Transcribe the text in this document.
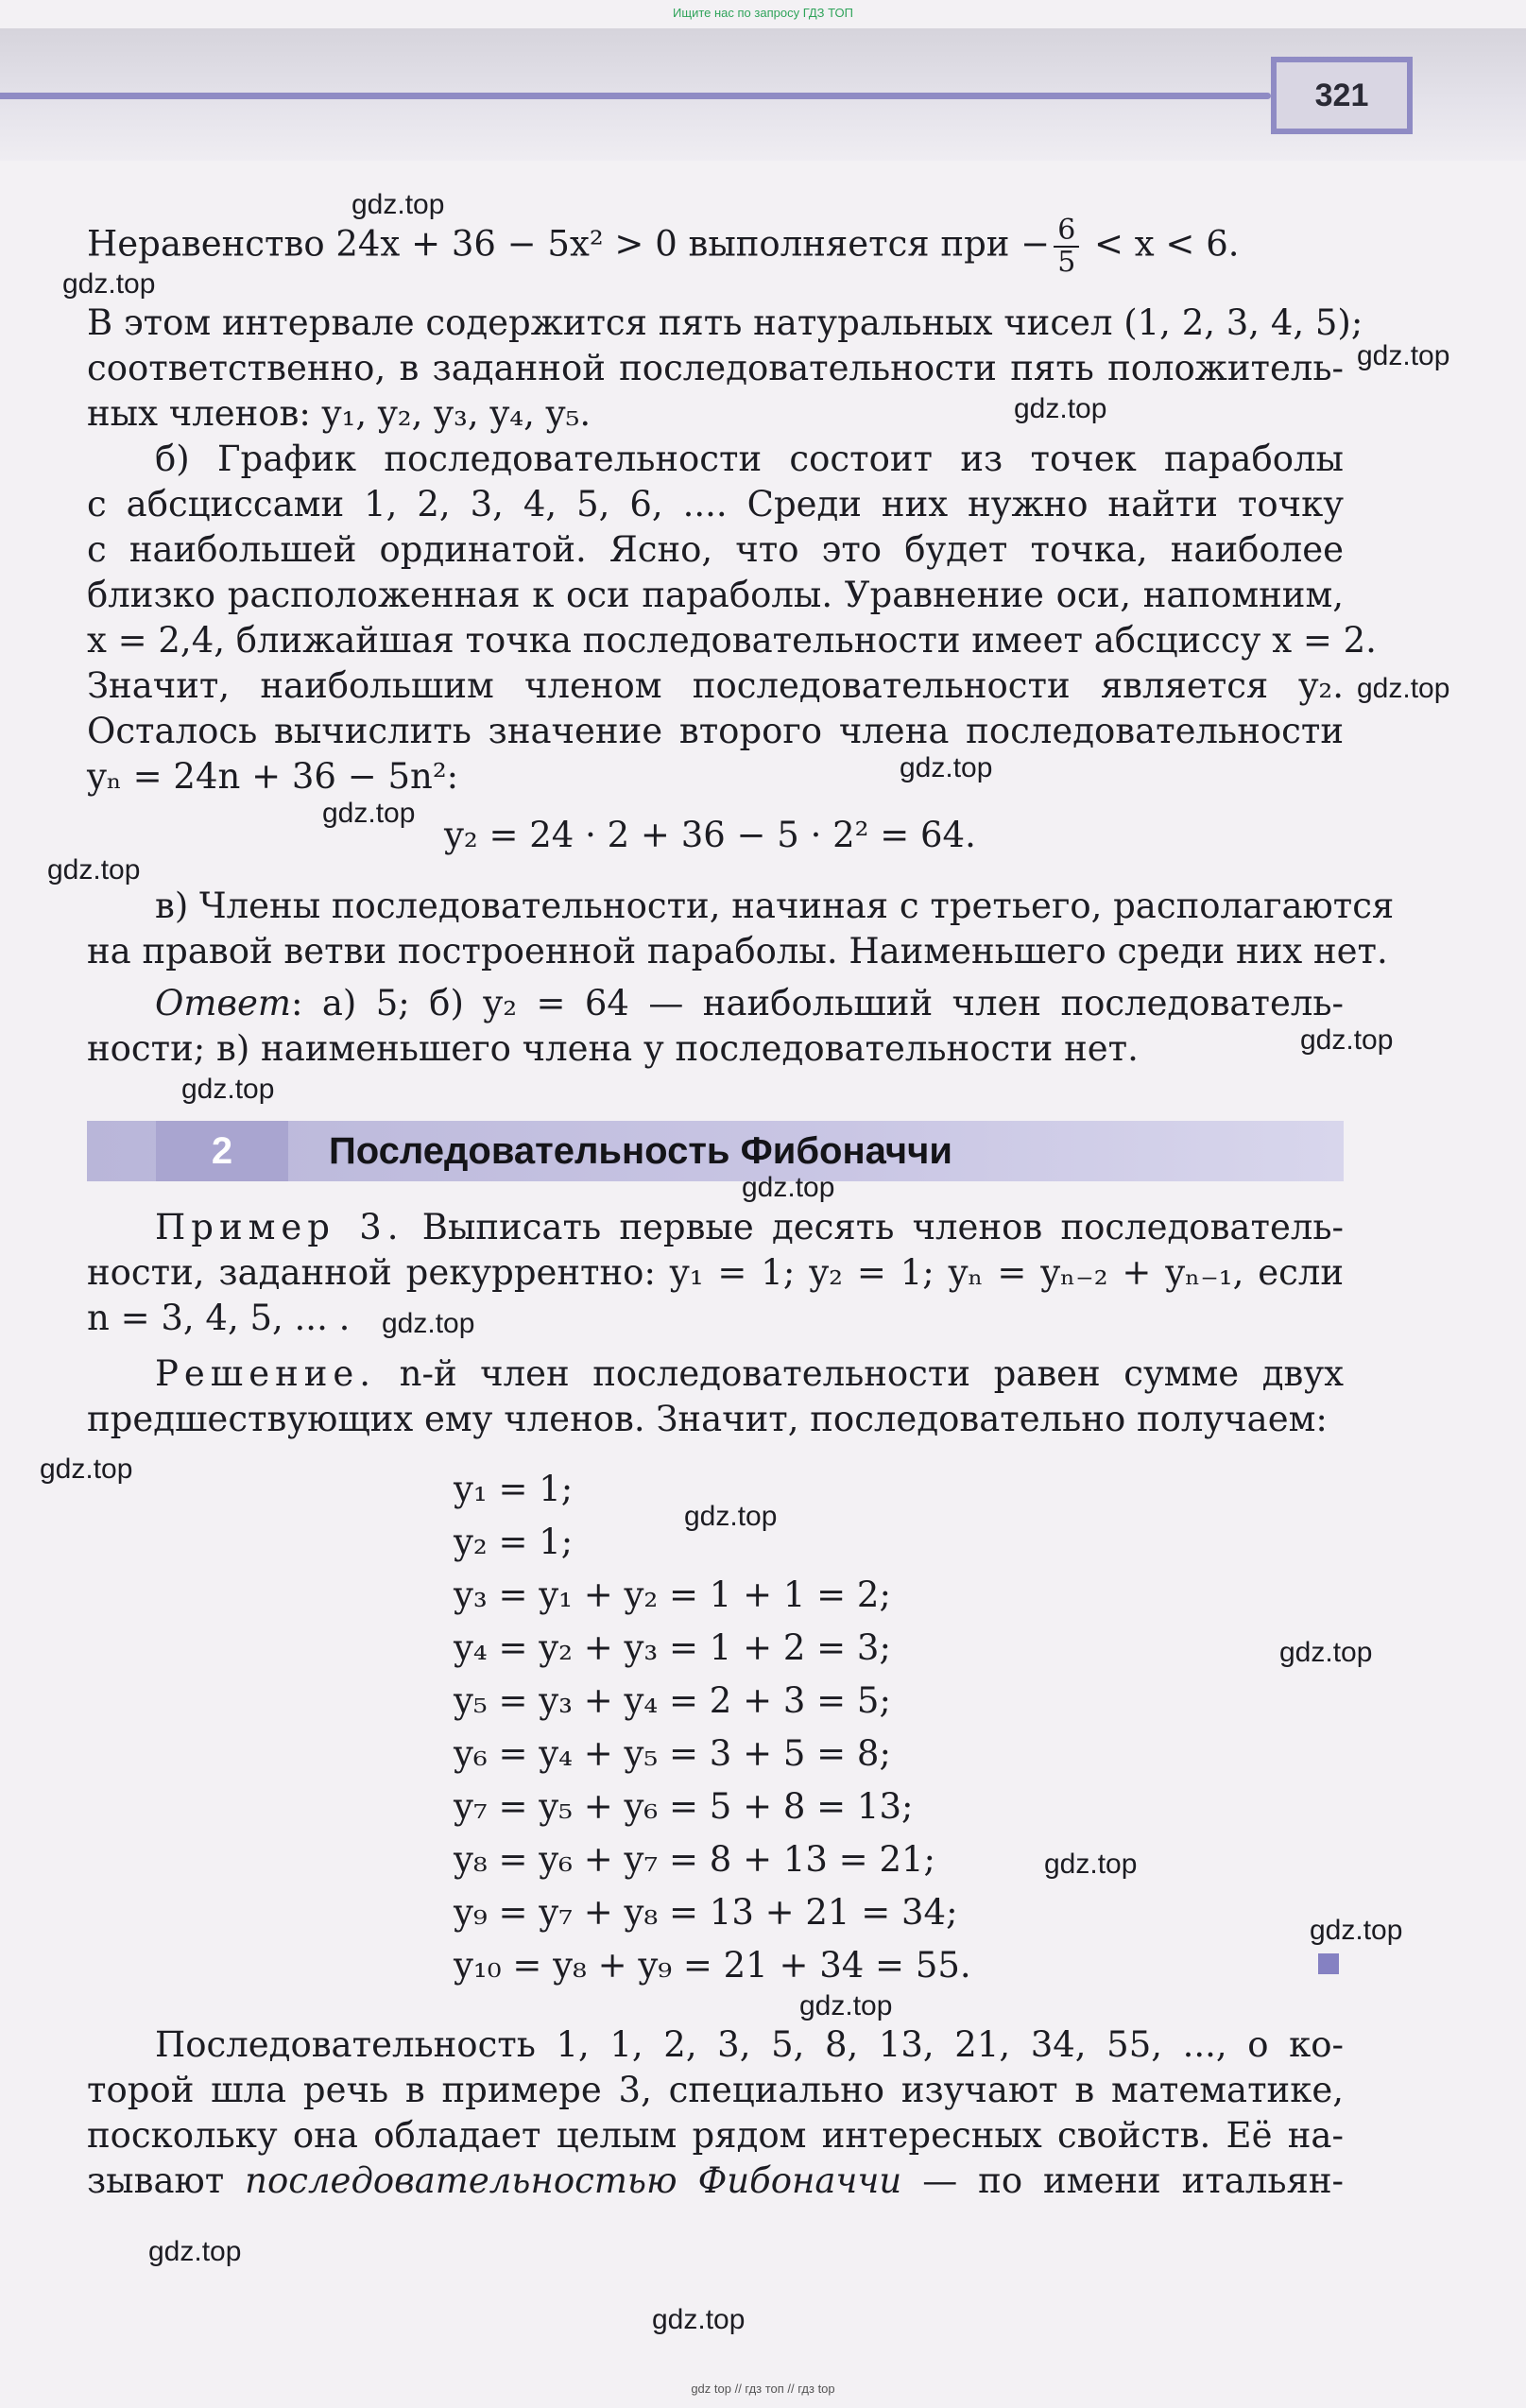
Ищите нас по запросу ГДЗ ТОП
321
Неравенство 24x + 36 − 5x² > 0 выполняется при − $\frac{6}{5} < x < 6$.
В этом интервале содержится пять натуральных чисел (1, 2, 3, 4, 5);
соответственно, в заданной последовательности пять положитель-
ных членов: y₁, y₂, y₃, y₄, y₅.
б) График последовательности состоит из точек параболы
с абсциссами 1, 2, 3, 4, 5, 6, .... Среди них нужно найти точку
с наибольшей ординатой. Ясно, что это будет точка, наиболее
близко расположенная к оси параболы. Уравнение оси, напомним,
x = 2,4, ближайшая точка последовательности имеет абсциссу x = 2.
Значит, наибольшим членом последовательности является y₂.
Осталось вычислить значение второго члена последовательности
yₙ = 24n + 36 − 5n²:
y₂ = 24 · 2 + 36 − 5 · 2² = 64.
в) Члены последовательности, начиная с третьего, располагаются
на правой ветви построенной параболы. Наименьшего среди них нет.
Ответ: а) 5; б) y₂ = 64 — наибольший член последователь-
ности; в) наименьшего члена у последовательности нет.
2	Последовательность Фибоначчи
Пример 3. Выписать первые десять членов последователь-
ности, заданной рекуррентно: y₁ = 1; y₂ = 1; yₙ = yₙ₋₂ + yₙ₋₁, если
n = 3, 4, 5, ... .
Решение. n-й член последовательности равен сумме двух
предшествующих ему членов. Значит, последовательно получаем:
y₁ = 1;
y₂ = 1;
y₃ = y₁ + y₂ = 1 + 1 = 2;
y₄ = y₂ + y₃ = 1 + 2 = 3;
y₅ = y₃ + y₄ = 2 + 3 = 5;
y₆ = y₄ + y₅ = 3 + 5 = 8;
y₇ = y₅ + y₆ = 5 + 8 = 13;
y₈ = y₆ + y₇ = 8 + 13 = 21;
y₉ = y₇ + y₈ = 13 + 21 = 34;
y₁₀ = y₈ + y₉ = 21 + 34 = 55.
Последовательность 1, 1, 2, 3, 5, 8, 13, 21, 34, 55, ..., о ко-
торой шла речь в примере 3, специально изучают в математике,
поскольку она обладает целым рядом интересных свойств. Её на-
зывают последовательностью Фибоначчи — по имени итальян-
gdz.top
gdz.top
gdz.top
gdz.top
gdz.top
gdz.top
gdz.top
gdz.top
gdz.top
gdz.top
gdz.top
gdz.top
gdz.top
gdz.top
gdz.top
gdz.top
gdz.top
gdz.top
gdz.top
gdz.top
gdz top // гдз топ // гдз top
